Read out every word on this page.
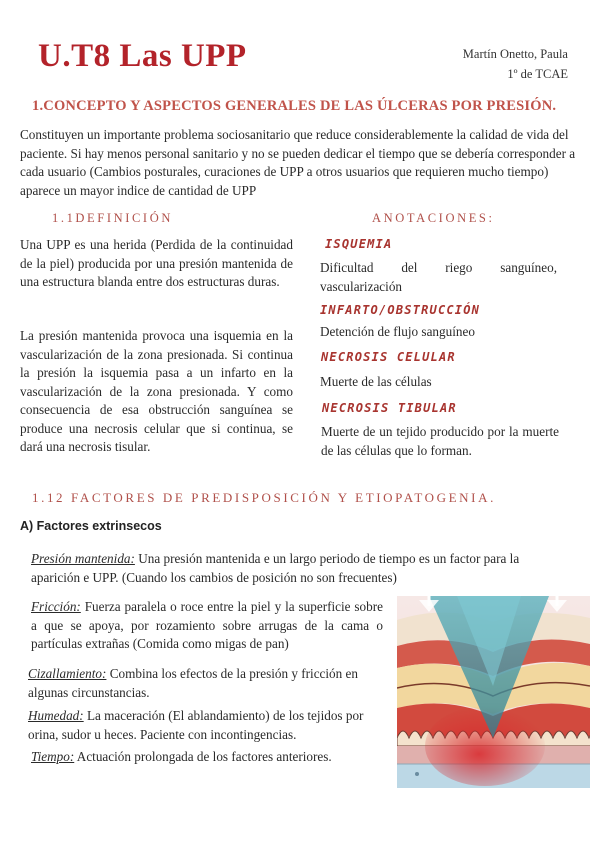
U.T8 Las UPP	Martín Onetto, Paula
1º de TCAE
1.CONCEPTO Y ASPECTOS GENERALES DE LAS ÚLCERAS POR PRESIÓN.
Constituyen un importante problema sociosanitario que reduce considerablemente la calidad de vida del paciente. Si hay menos personal sanitario y no se pueden dedicar el tiempo que se debería corresponder a cada usuario (Cambios posturales, curaciones de UPP a otros usuarios que requieren mucho tiempo) aparece un mayor indice de cantidad de UPP
1.1DEFINICIÓN
Una UPP es una herida (Perdida de la continuidad de la piel) producida por una presión mantenida de una estructura blanda entre dos estructuras duras.
La presión mantenida provoca una isquemia en la vascularización de la zona presionada. Si continua la presión la isquemia pasa a un infarto en la vascularización de la zona presionada. Y como consecuencia de esa obstrucción sanguínea se produce una necrosis celular que si continua, se dará una necrosis tisular.
ANOTACIONES:
ISQUEMIA
Dificultad del riego sanguíneo, vascularización
INFARTO/OBSTRUCCIÓN
Detención de flujo sanguíneo
NECROSIS CELULAR
Muerte de las células
NECROSIS TIBULAR
Muerte de un tejido producido por la muerte de las células que lo forman.
1.12 FACTORES DE PREDISPOSICIÓN Y ETIOPATOGENIA.
A) Factores extrinsecos
Presión mantenida: Una presión mantenida e un largo periodo de tiempo es un factor para la aparición e UPP. (Cuando los cambios de posición no son frecuentes)
Fricción: Fuerza paralela o roce entre la piel y la superficie sobre a que se apoya, por rozamiento sobre arrugas de la cama o partículas extrañas (Comida como migas de pan)
Cizallamiento: Combina los efectos de la presión y fricción en algunas circunstancias.
Humedad: La maceración (El ablandamiento) de los tejidos por orina, sudor u heces. Paciente con incontingencias.
Tiempo: Actuación prolongada de los factores anteriores.
